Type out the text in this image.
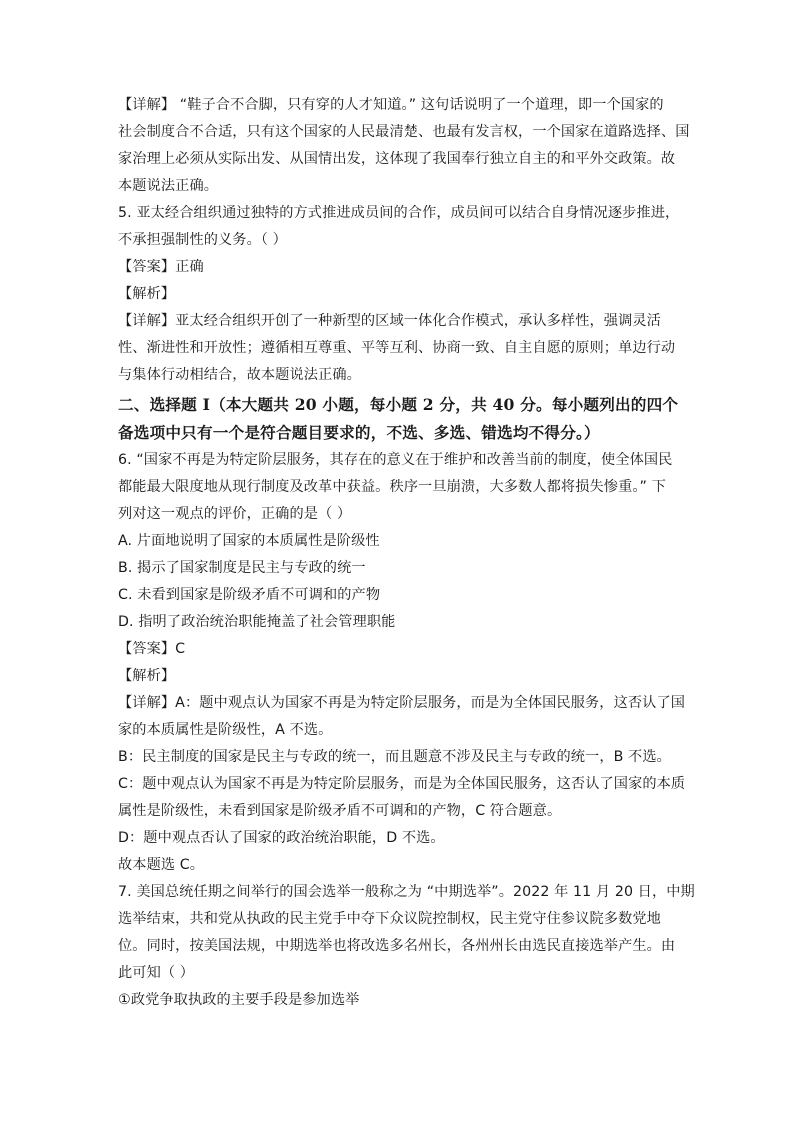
【详解】 “鞋子合不合脚，只有穿的人才知道。” 这句话说明了一个道理，即一个国家的
社会制度合不合适，只有这个国家的人民最清楚、也最有发言权，一个国家在道路选择、国
家治理上必须从实际出发、从国情出发，这体现了我国奉行独立自主的和平外交政策。故
本题说法正确。
5. 亚太经合组织通过独特的方式推进成员间的合作，成员间可以结合自身情况逐步推进，
不承担强制性的义务。（ ）
【答案】正确
【解析】
【详解】亚太经合组织开创了一种新型的区域一体化合作模式，承认多样性，强调灵活
性、渐进性和开放性；遵循相互尊重、平等互利、协商一致、自主自愿的原则；单边行动
与集体行动相结合，故本题说法正确。
二、选择题 I（本大题共 20 小题，每小题 2 分，共 40 分。每小题列出的四个
备选项中只有一个是符合题目要求的，不选、多选、错选均不得分。）
6. “国家不再是为特定阶层服务，其存在的意义在于维护和改善当前的制度，使全体国民
都能最大限度地从现行制度及改革中获益。秩序一旦崩溃，大多数人都将损失惨重。” 下
列对这一观点的评价，正确的是（ ）
A. 片面地说明了国家的本质属性是阶级性
B. 揭示了国家制度是民主与专政的统一
C. 未看到国家是阶级矛盾不可调和的产物
D. 指明了政治统治职能掩盖了社会管理职能
【答案】C
【解析】
【详解】A：题中观点认为国家不再是为特定阶层服务，而是为全体国民服务，这否认了国
家的本质属性是阶级性，A 不选。
B：民主制度的国家是民主与专政的统一，而且题意不涉及民主与专政的统一，B 不选。
C：题中观点认为国家不再是为特定阶层服务，而是为全体国民服务，这否认了国家的本质
属性是阶级性，未看到国家是阶级矛盾不可调和的产物，C 符合题意。
D：题中观点否认了国家的政治统治职能，D 不选。
故本题选 C。
7. 美国总统任期之间举行的国会选举一般称之为 “中期选举”。2022 年 11 月 20 日，中期
选举结束，共和党从执政的民主党手中夺下众议院控制权，民主党守住参议院多数党地
位。同时，按美国法规，中期选举也将改选多名州长，各州州长由选民直接选举产生。由
此可知（ ）
①政党争取执政的主要手段是参加选举
